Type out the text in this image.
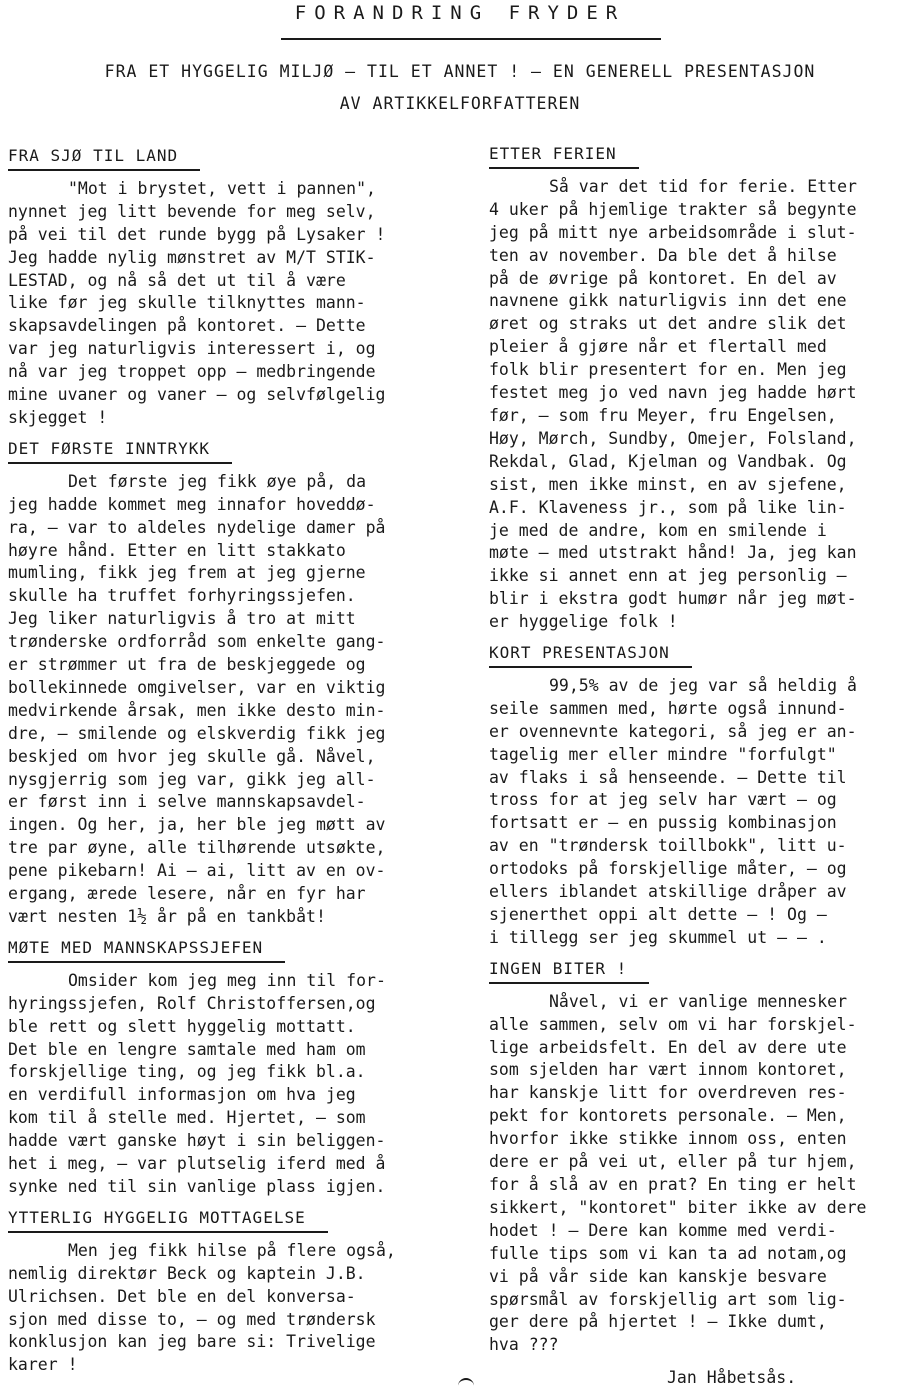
FORANDRING FRYDER
FRA ET HYGGELIG MILJØ – TIL ET ANNET ! – EN GENERELL PRESENTASJON
AV ARTIKKELFORFATTEREN
FRA SJØ TIL LAND
"Mot i brystet, vett i pannen",
nynnet jeg litt bevende for meg selv,
på vei til det runde bygg på Lysaker !
Jeg hadde nylig mønstret av M/T STIK-
LESTAD, og nå så det ut til å være
like før jeg skulle tilknyttes mann-
skapsavdelingen på kontoret. – Dette
var jeg naturligvis interessert i, og
nå var jeg troppet opp – medbringende
mine uvaner og vaner – og selvfølgelig
skjegget !
DET FØRSTE INNTRYKK
Det første jeg fikk øye på, da
jeg hadde kommet meg innafor hoveddø-
ra, – var to aldeles nydelige damer på
høyre hånd. Etter en litt stakkato
mumling, fikk jeg frem at jeg gjerne
skulle ha truffet forhyringssjefen.
Jeg liker naturligvis å tro at mitt
trønderske ordforråd som enkelte gang-
er strømmer ut fra de beskjeggede og
bollekinnede omgivelser, var en viktig
medvirkende årsak, men ikke desto min-
dre, – smilende og elskverdig fikk jeg
beskjed om hvor jeg skulle gå. Nåvel,
nysgjerrig som jeg var, gikk jeg all-
er først inn i selve mannskapsavdel-
ingen. Og her, ja, her ble jeg møtt av
tre par øyne, alle tilhørende utsøkte,
pene pikebarn! Ai – ai, litt av en ov-
ergang, ærede lesere, når en fyr har
vært nesten 1½ år på en tankbåt!
MØTE MED MANNSKAPSSJEFEN
Omsider kom jeg meg inn til for-
hyringssjefen, Rolf Christoffersen,og
ble rett og slett hyggelig mottatt.
Det ble en lengre samtale med ham om
forskjellige ting, og jeg fikk bl.a.
en verdifull informasjon om hva jeg
kom til å stelle med. Hjertet, – som
hadde vært ganske høyt i sin beliggen-
het i meg, – var plutselig iferd med å
synke ned til sin vanlige plass igjen.
YTTERLIG HYGGELIG MOTTAGELSE
Men jeg fikk hilse på flere også,
nemlig direktør Beck og kaptein J.B.
Ulrichsen. Det ble en del konversa-
sjon med disse to, – og med trøndersk
konklusjon kan jeg bare si: Trivelige
karer !
ETTER FERIEN
Så var det tid for ferie. Etter
4 uker på hjemlige trakter så begynte
jeg på mitt nye arbeidsområde i slut-
ten av november. Da ble det å hilse
på de øvrige på kontoret. En del av
navnene gikk naturligvis inn det ene
øret og straks ut det andre slik det
pleier å gjøre når et flertall med
folk blir presentert for en. Men jeg
festet meg jo ved navn jeg hadde hørt
før, – som fru Meyer, fru Engelsen,
Høy, Mørch, Sundby, Omejer, Folsland,
Rekdal, Glad, Kjelman og Vandbak. Og
sist, men ikke minst, en av sjefene,
A.F. Klaveness jr., som på like lin-
je med de andre, kom en smilende i
møte – med utstrakt hånd! Ja, jeg kan
ikke si annet enn at jeg personlig –
blir i ekstra godt humør når jeg møt-
er hyggelige folk !
KORT PRESENTASJON
99,5% av de jeg var så heldig å
seile sammen med, hørte også innund-
er ovennevnte kategori, så jeg er an-
tagelig mer eller mindre "forfulgt"
av flaks i så henseende. – Dette til
tross for at jeg selv har vært – og
fortsatt er – en pussig kombinasjon
av en "trøndersk toillbokk", litt u-
ortodoks på forskjellige måter, – og
ellers iblandet atskillige dråper av
sjenerthet oppi alt dette – ! Og –
i tillegg ser jeg skummel ut – – .
INGEN BITER !
Nåvel, vi er vanlige mennesker
alle sammen, selv om vi har forskjel-
lige arbeidsfelt. En del av dere ute
som sjelden har vært innom kontoret,
har kanskje litt for overdreven res-
pekt for kontorets personale. – Men,
hvorfor ikke stikke innom oss, enten
dere er på vei ut, eller på tur hjem,
for å slå av en prat? En ting er helt
sikkert, "kontoret" biter ikke av dere
hodet ! – Dere kan komme med verdi-
fulle tips som vi kan ta ad notam,og
vi på vår side kan kanskje besvare
spørsmål av forskjellig art som lig-
ger dere på hjertet ! – Ikke dumt,
hva ???
Jan Håbetsås.
